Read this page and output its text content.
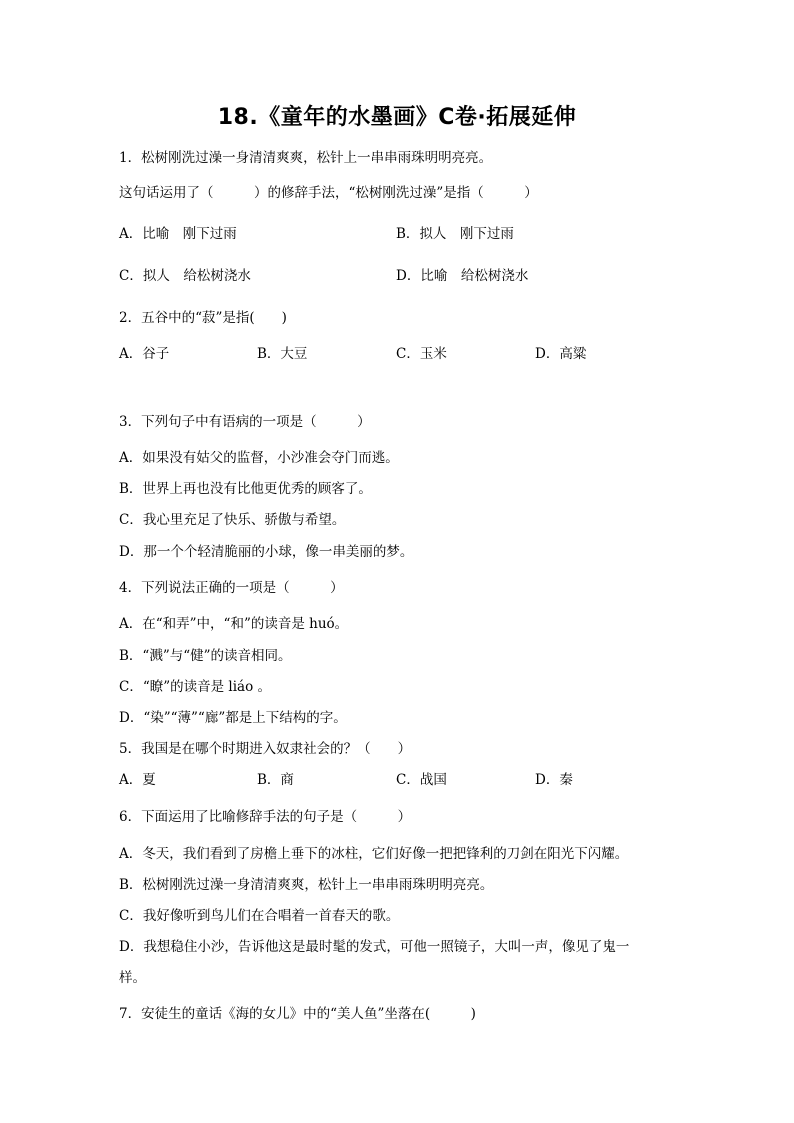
18.《童年的水墨画》C卷·拓展延伸
1．松树刚洗过澡一身清清爽爽，松针上一串串雨珠明明亮亮。
这句话运用了（　　　）的修辞手法，“松树刚洗过澡”是指（　　　）
A．比喻　刚下过雨	B．拟人　刚下过雨
C．拟人　给松树浇水	D．比喻　给松树浇水
2．五谷中的“菽”是指(　　)
A．谷子	B．大豆	C．玉米	D．高粱
3．下列句子中有语病的一项是（　　　）
A．如果没有姑父的监督，小沙准会夺门而逃。
B．世界上再也没有比他更优秀的顾客了。
C．我心里充足了快乐、骄傲与希望。
D．那一个个轻清脆丽的小球，像一串美丽的梦。
4．下列说法正确的一项是（　　　）
A．在“和弄”中，“和”的读音是 huó。
B．“溅”与“健”的读音相同。
C．“瞭”的读音是 liáo 。
D．“染”“薄”“廊”都是上下结构的字。
5．我国是在哪个时期进入奴隶社会的？（　　）
A．夏	B．商	C．战国	D．秦
6．下面运用了比喻修辞手法的句子是（　　　）
A．冬天，我们看到了房檐上垂下的冰柱，它们好像一把把锋利的刀剑在阳光下闪耀。
B．松树刚洗过澡一身清清爽爽，松针上一串串雨珠明明亮亮。
C．我好像听到鸟儿们在合唱着一首春天的歌。
D．我想稳住小沙，告诉他这是最时髦的发式，可他一照镜子，大叫一声，像见了鬼一
样。
7．安徒生的童话《海的女儿》中的“美人鱼”坐落在(　　　)
